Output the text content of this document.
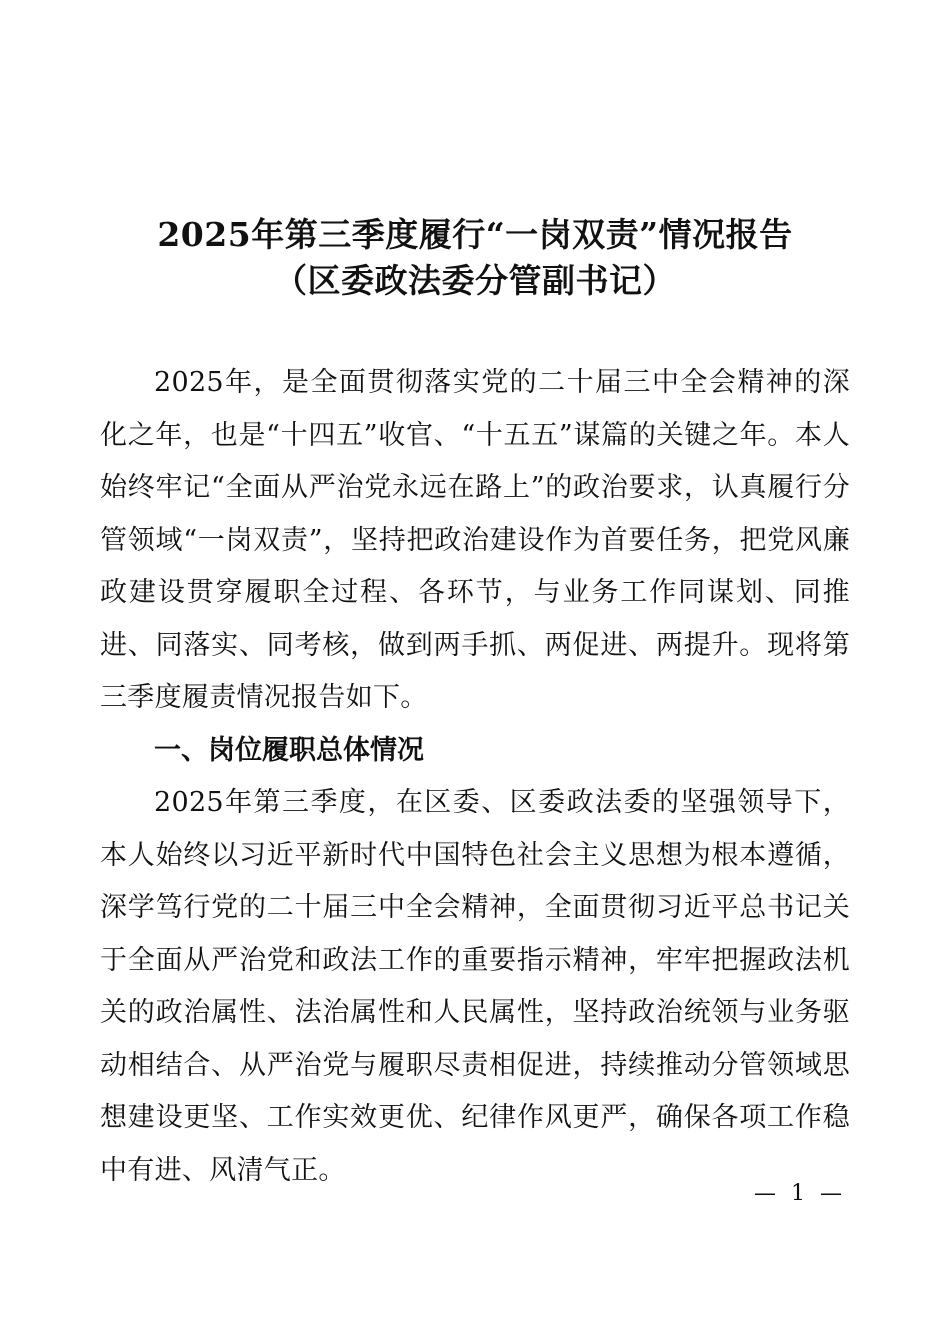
2025年第三季度履行“一岗双责”情况报告
（区委政法委分管副书记）

2025年，是全面贯彻落实党的二十届三中全会精神的深化之年，也是“十四五”收官、“十五五”谋篇的关键之年。本人始终牢记“全面从严治党永远在路上”的政治要求，认真履行分管领域“一岗双责”，坚持把政治建设作为首要任务，把党风廉政建设贯穿履职全过程、各环节，与业务工作同谋划、同推进、同落实、同考核，做到两手抓、两促进、两提升。现将第三季度履责情况报告如下。

一、岗位履职总体情况

2025年第三季度，在区委、区委政法委的坚强领导下，本人始终以习近平新时代中国特色社会主义思想为根本遵循，深学笃行党的二十届三中全会精神，全面贯彻习近平总书记关于全面从严治党和政法工作的重要指示精神，牢牢把握政法机关的政治属性、法治属性和人民属性，坚持政治统领与业务驱动相结合、从严治党与履职尽责相促进，持续推动分管领域思想建设更坚、工作实效更优、纪律作风更严，确保各项工作稳中有进、风清气正。

— 1 —
